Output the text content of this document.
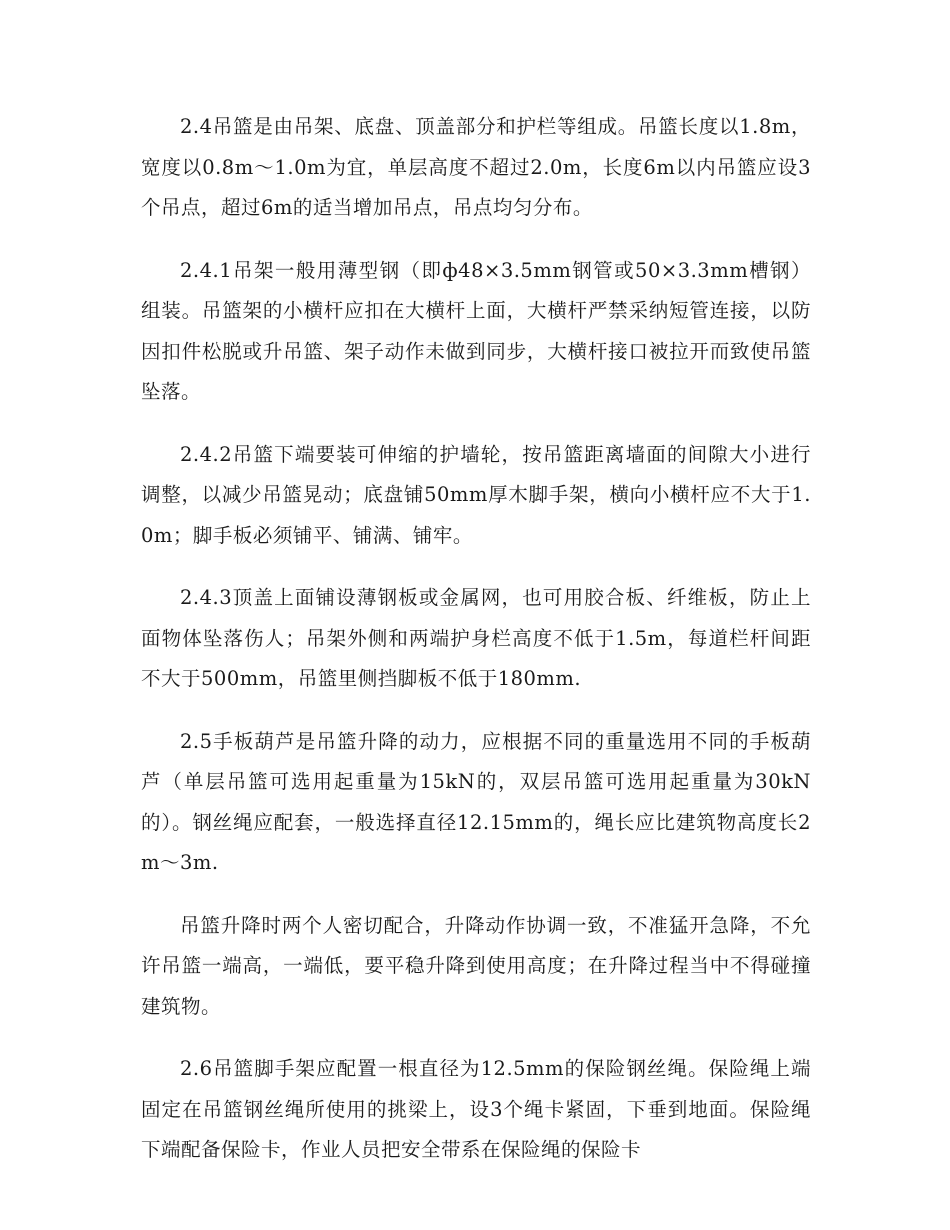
2.4吊篮是由吊架、底盘、顶盖部分和护栏等组成。吊篮长度以1.8m，宽度以0.8m～1.0m为宜，单层高度不超过2.0m，长度6m以内吊篮应设3个吊点，超过6m的适当增加吊点，吊点均匀分布。

2.4.1吊架一般用薄型钢（即ф48×3.5mm钢管或50×3.3mm槽钢）组装。吊篮架的小横杆应扣在大横杆上面，大横杆严禁采纳短管连接，以防因扣件松脱或升吊篮、架子动作未做到同步，大横杆接口被拉开而致使吊篮坠落。

2.4.2吊篮下端要装可伸缩的护墙轮，按吊篮距离墙面的间隙大小进行调整，以减少吊篮晃动；底盘铺50mm厚木脚手架，横向小横杆应不大于1.0m；脚手板必须铺平、铺满、铺牢。

2.4.3顶盖上面铺设薄钢板或金属网，也可用胶合板、纤维板，防止上面物体坠落伤人；吊架外侧和两端护身栏高度不低于1.5m，每道栏杆间距不大于500mm，吊篮里侧挡脚板不低于180mm.

2.5手板葫芦是吊篮升降的动力，应根据不同的重量选用不同的手板葫芦（单层吊篮可选用起重量为15kN的，双层吊篮可选用起重量为30kN的）。钢丝绳应配套，一般选择直径12.15mm的，绳长应比建筑物高度长2m～3m.

吊篮升降时两个人密切配合，升降动作协调一致，不准猛开急降，不允许吊篮一端高，一端低，要平稳升降到使用高度；在升降过程当中不得碰撞建筑物。

2.6吊篮脚手架应配置一根直径为12.5mm的保险钢丝绳。保险绳上端固定在吊篮钢丝绳所使用的挑梁上，设3个绳卡紧固，下垂到地面。保险绳下端配备保险卡，作业人员把安全带系在保险绳的保险卡
